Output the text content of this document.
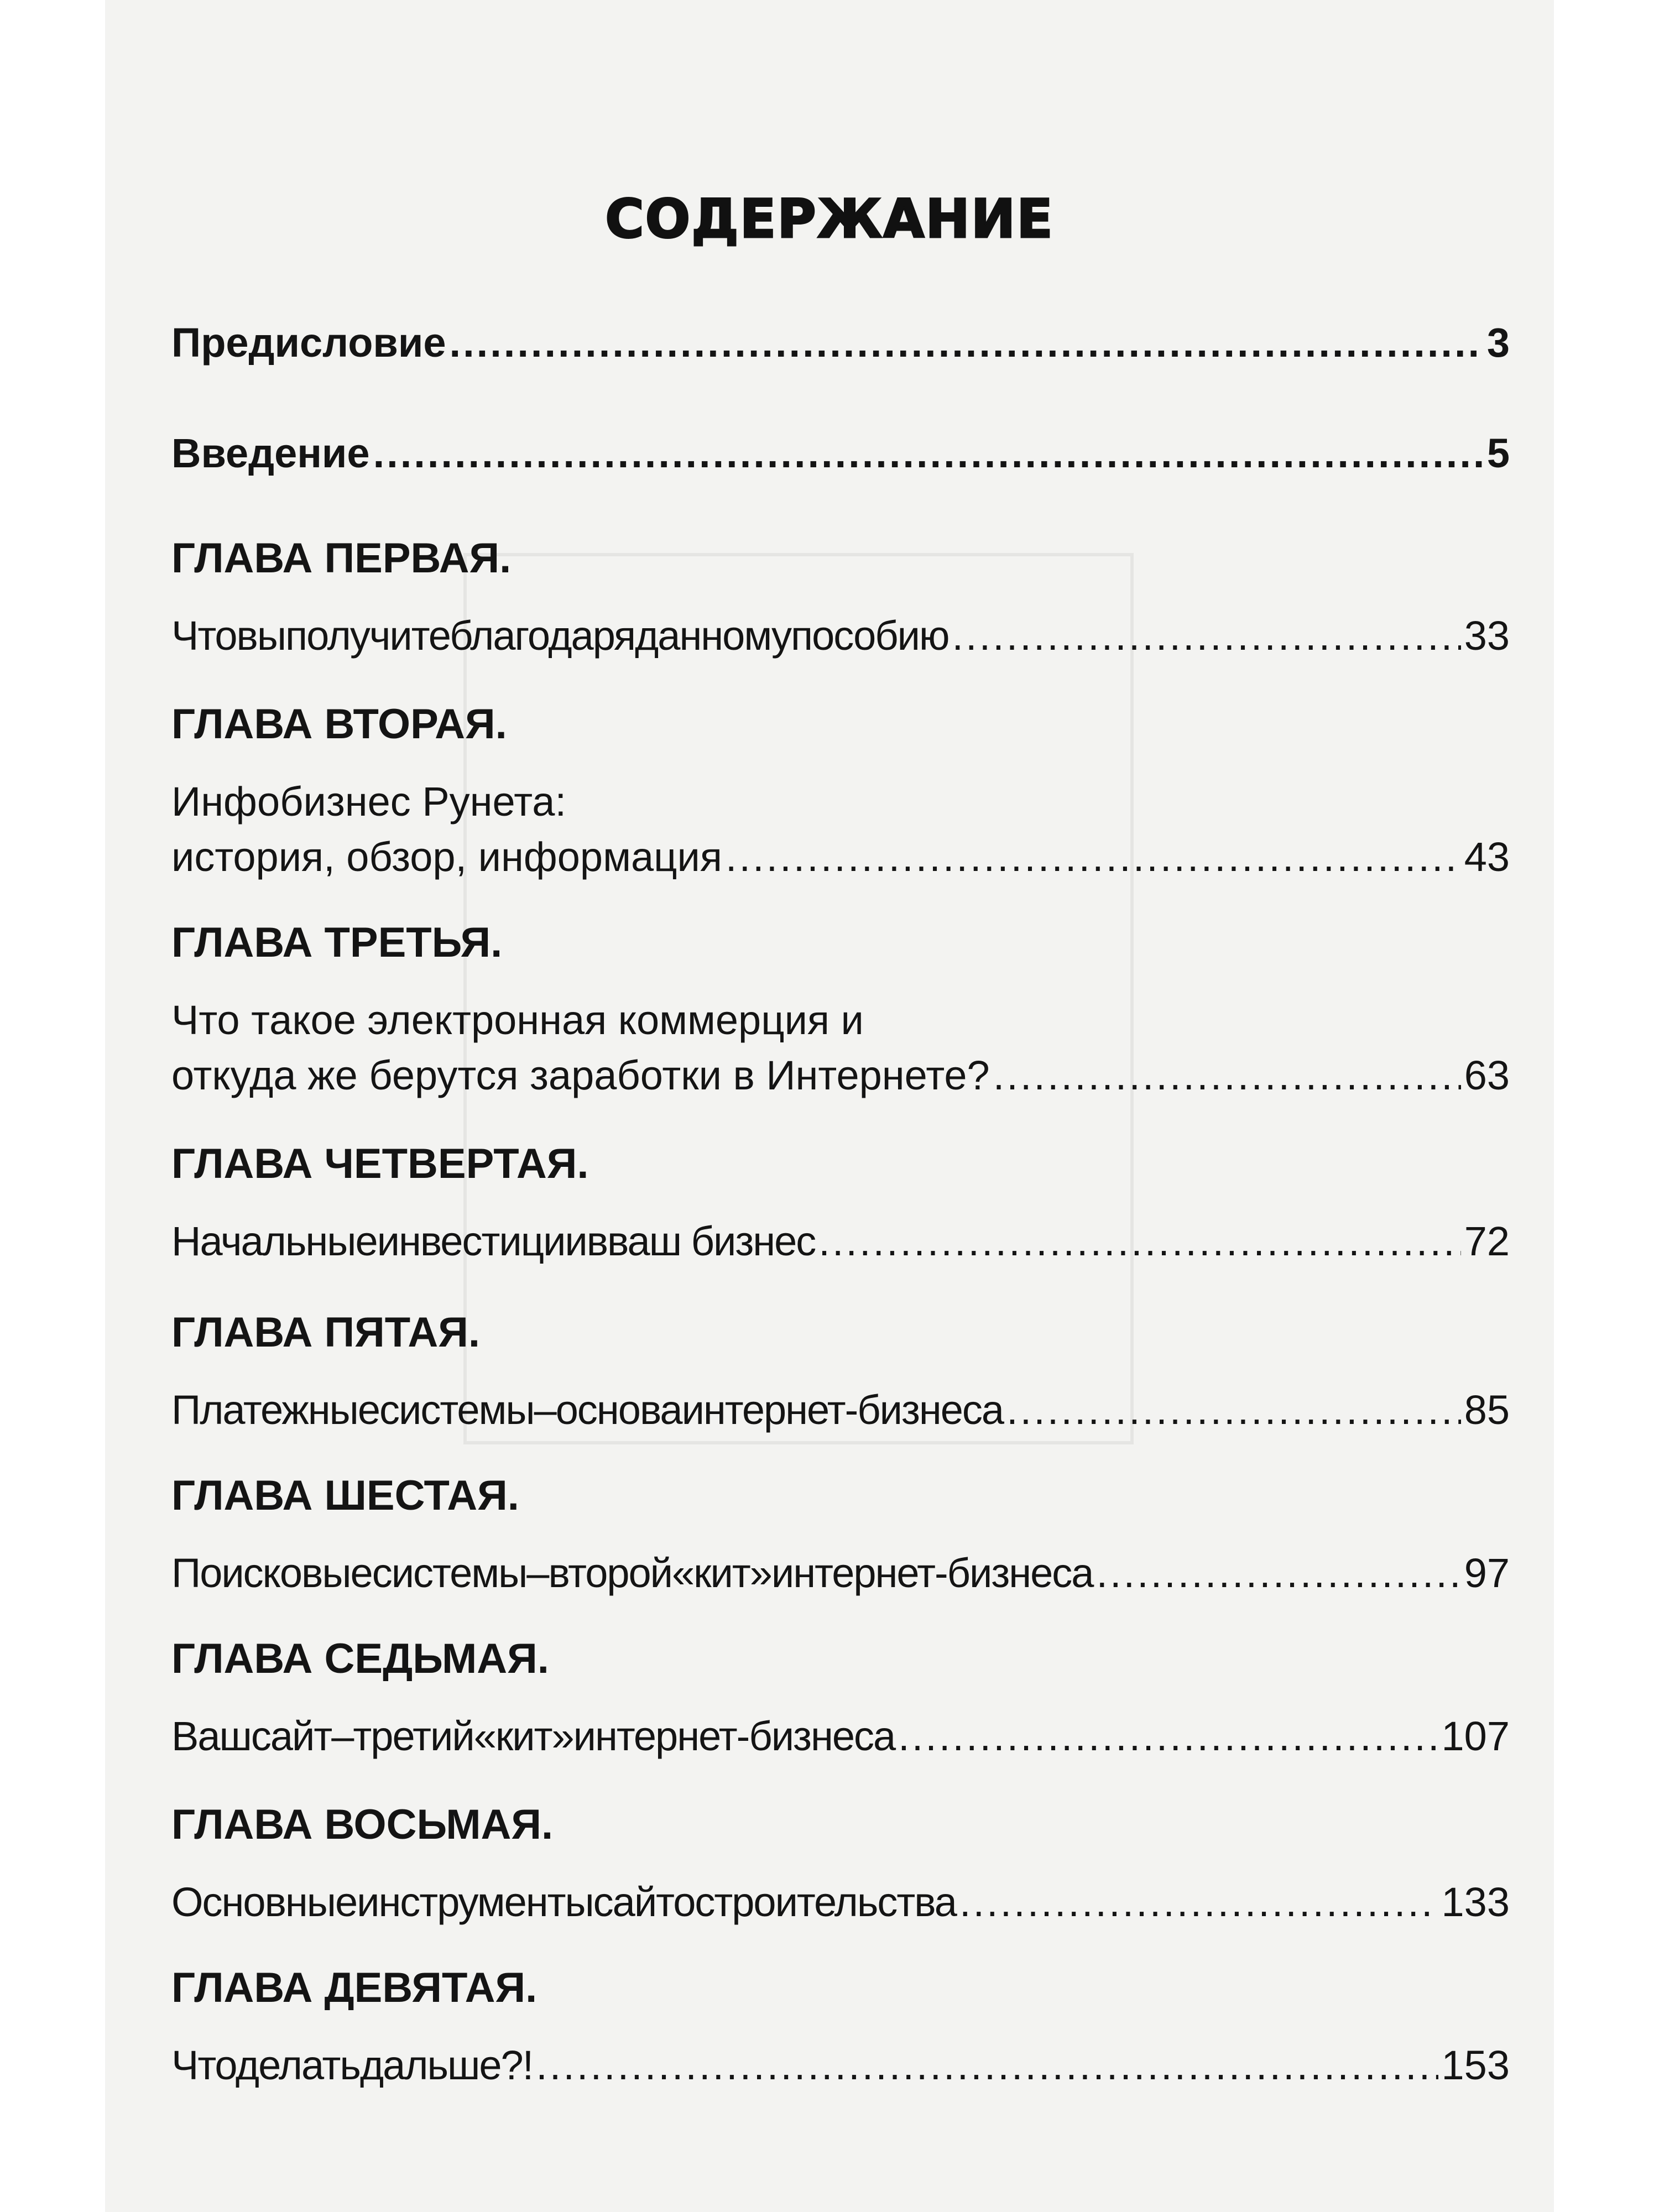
СОДЕРЖАНИЕ
Предисловие .....	3
Введение .....	5
ГЛАВА ПЕРВАЯ.
Чтовыполучитеблагодаряданномупособию .....	33
ГЛАВА ВТОРАЯ.
Инфобизнес Рунета:
история, обзор, информация .....	43
ГЛАВА ТРЕТЬЯ.
Что такое электронная коммерция и
откуда же берутся заработки в Интернете? .....	63
ГЛАВА ЧЕТВЕРТАЯ.
Начальныеинвестициивваш бизнес .....	72
ГЛАВА ПЯТАЯ.
Платежныесистемы–основаинтернет-бизнеса .....	85
ГЛАВА ШЕСТАЯ.
Поисковыесистемы–второй«кит»интернет-бизнеса .....	97
ГЛАВА СЕДЬМАЯ.
Вашсайт–третий«кит»интернет-бизнеса .....	107
ГЛАВА ВОСЬМАЯ.
Основныеинструментысайтостроительства .....	133
ГЛАВА ДЕВЯТАЯ.
Чтоделатьдальше?! .....	153
